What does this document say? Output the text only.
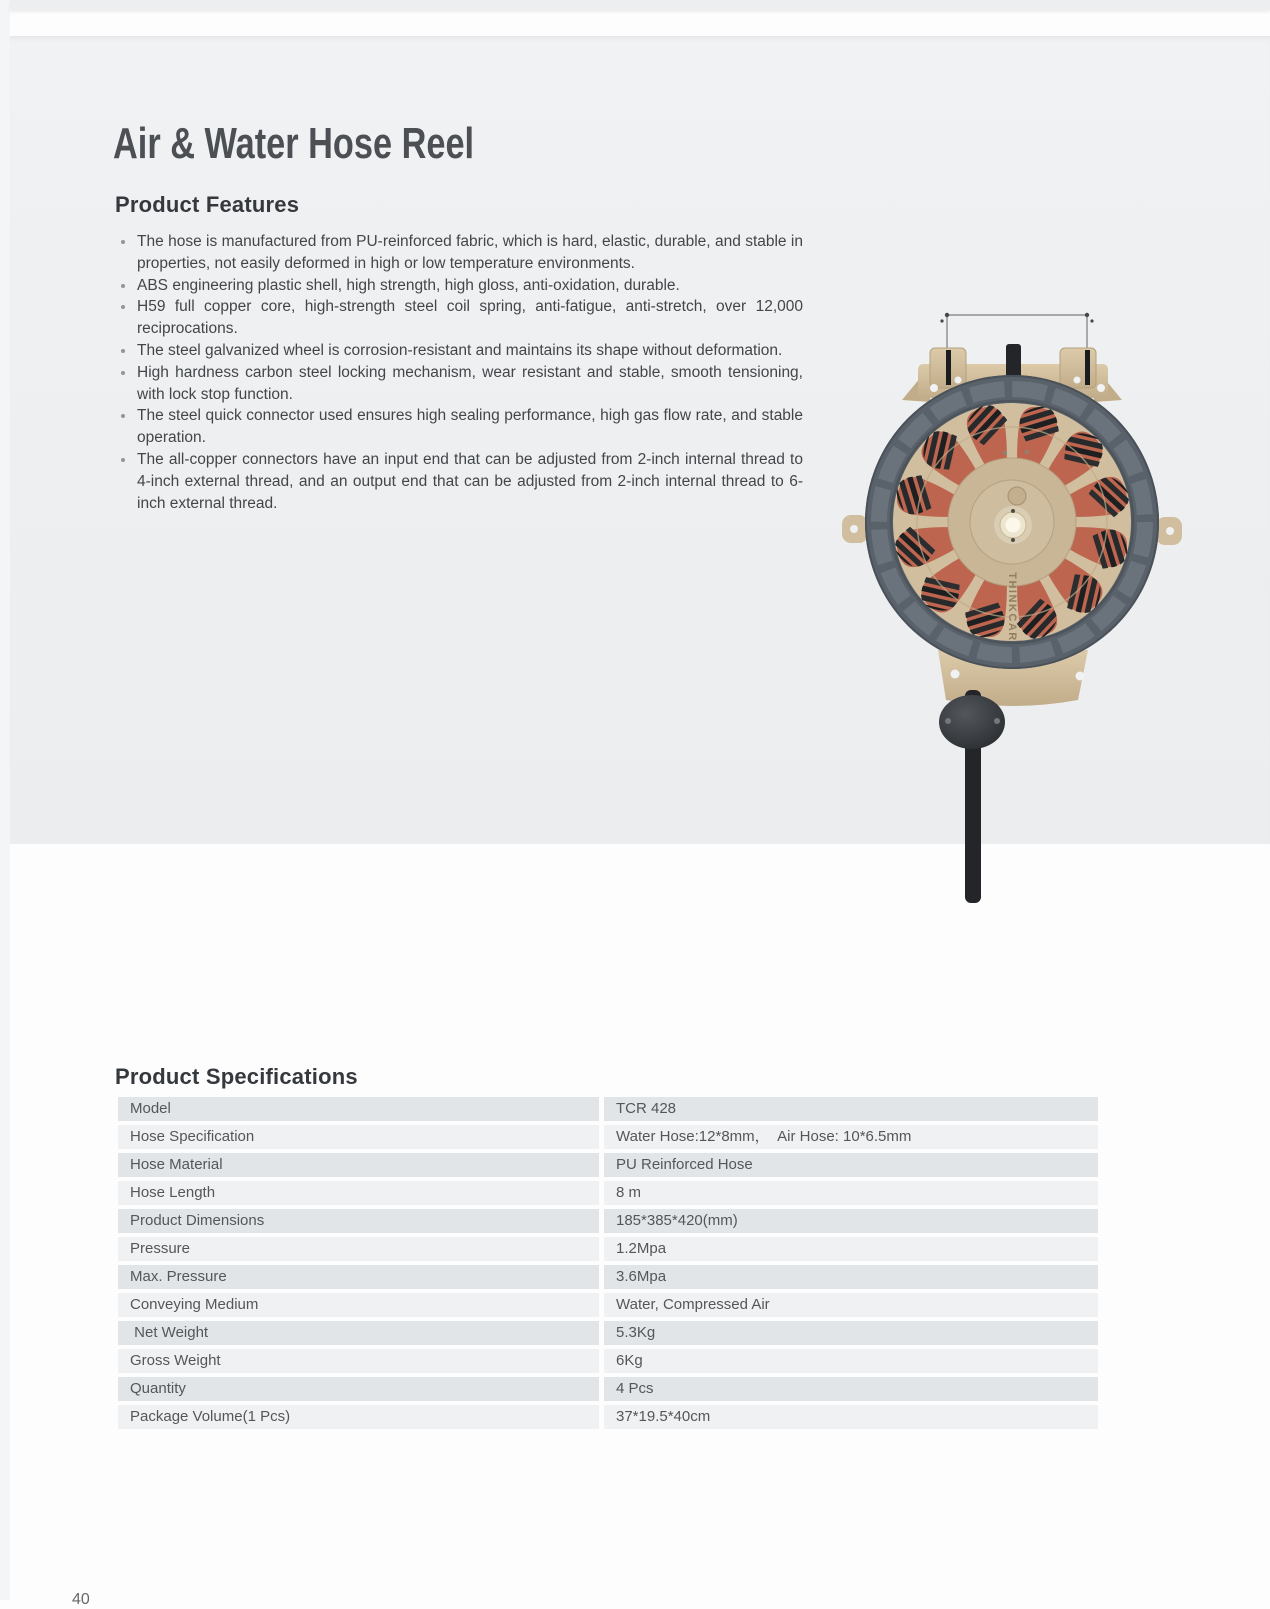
Air & Water Hose Reel
Product Features
The hose is manufactured from PU-reinforced fabric, which is hard, elastic, durable, and stable in properties, not easily deformed in high or low temperature environments.
ABS engineering plastic shell, high strength, high gloss, anti-oxidation, durable.
H59 full copper core, high-strength steel coil spring, anti-fatigue, anti-stretch, over 12,000 reciprocations.
The steel galvanized wheel is corrosion-resistant and maintains its shape without deformation.
High hardness carbon steel locking mechanism, wear resistant and stable, smooth tensioning, with lock stop function.
The steel quick connector used ensures high sealing performance, high gas flow rate, and stable operation.
The all-copper connectors have an input end that can be adjusted from 2-inch internal thread to 4-inch external thread, and an output end that can be adjusted from 2-inch internal thread to 6-inch external thread.
THINKCAR
Product Specifications
Model	TCR 428
Hose Specification	Water Hose:12*8mm，  Air Hose: 10*6.5mm
Hose Material	PU Reinforced Hose
Hose Length	8 m
Product Dimensions	185*385*420(mm)
Pressure	1.2Mpa
Max. Pressure	3.6Mpa
Conveying Medium	Water, Compressed Air
Net Weight	5.3Kg
Gross Weight	6Kg
Quantity	4 Pcs
Package Volume(1 Pcs)	37*19.5*40cm
40
